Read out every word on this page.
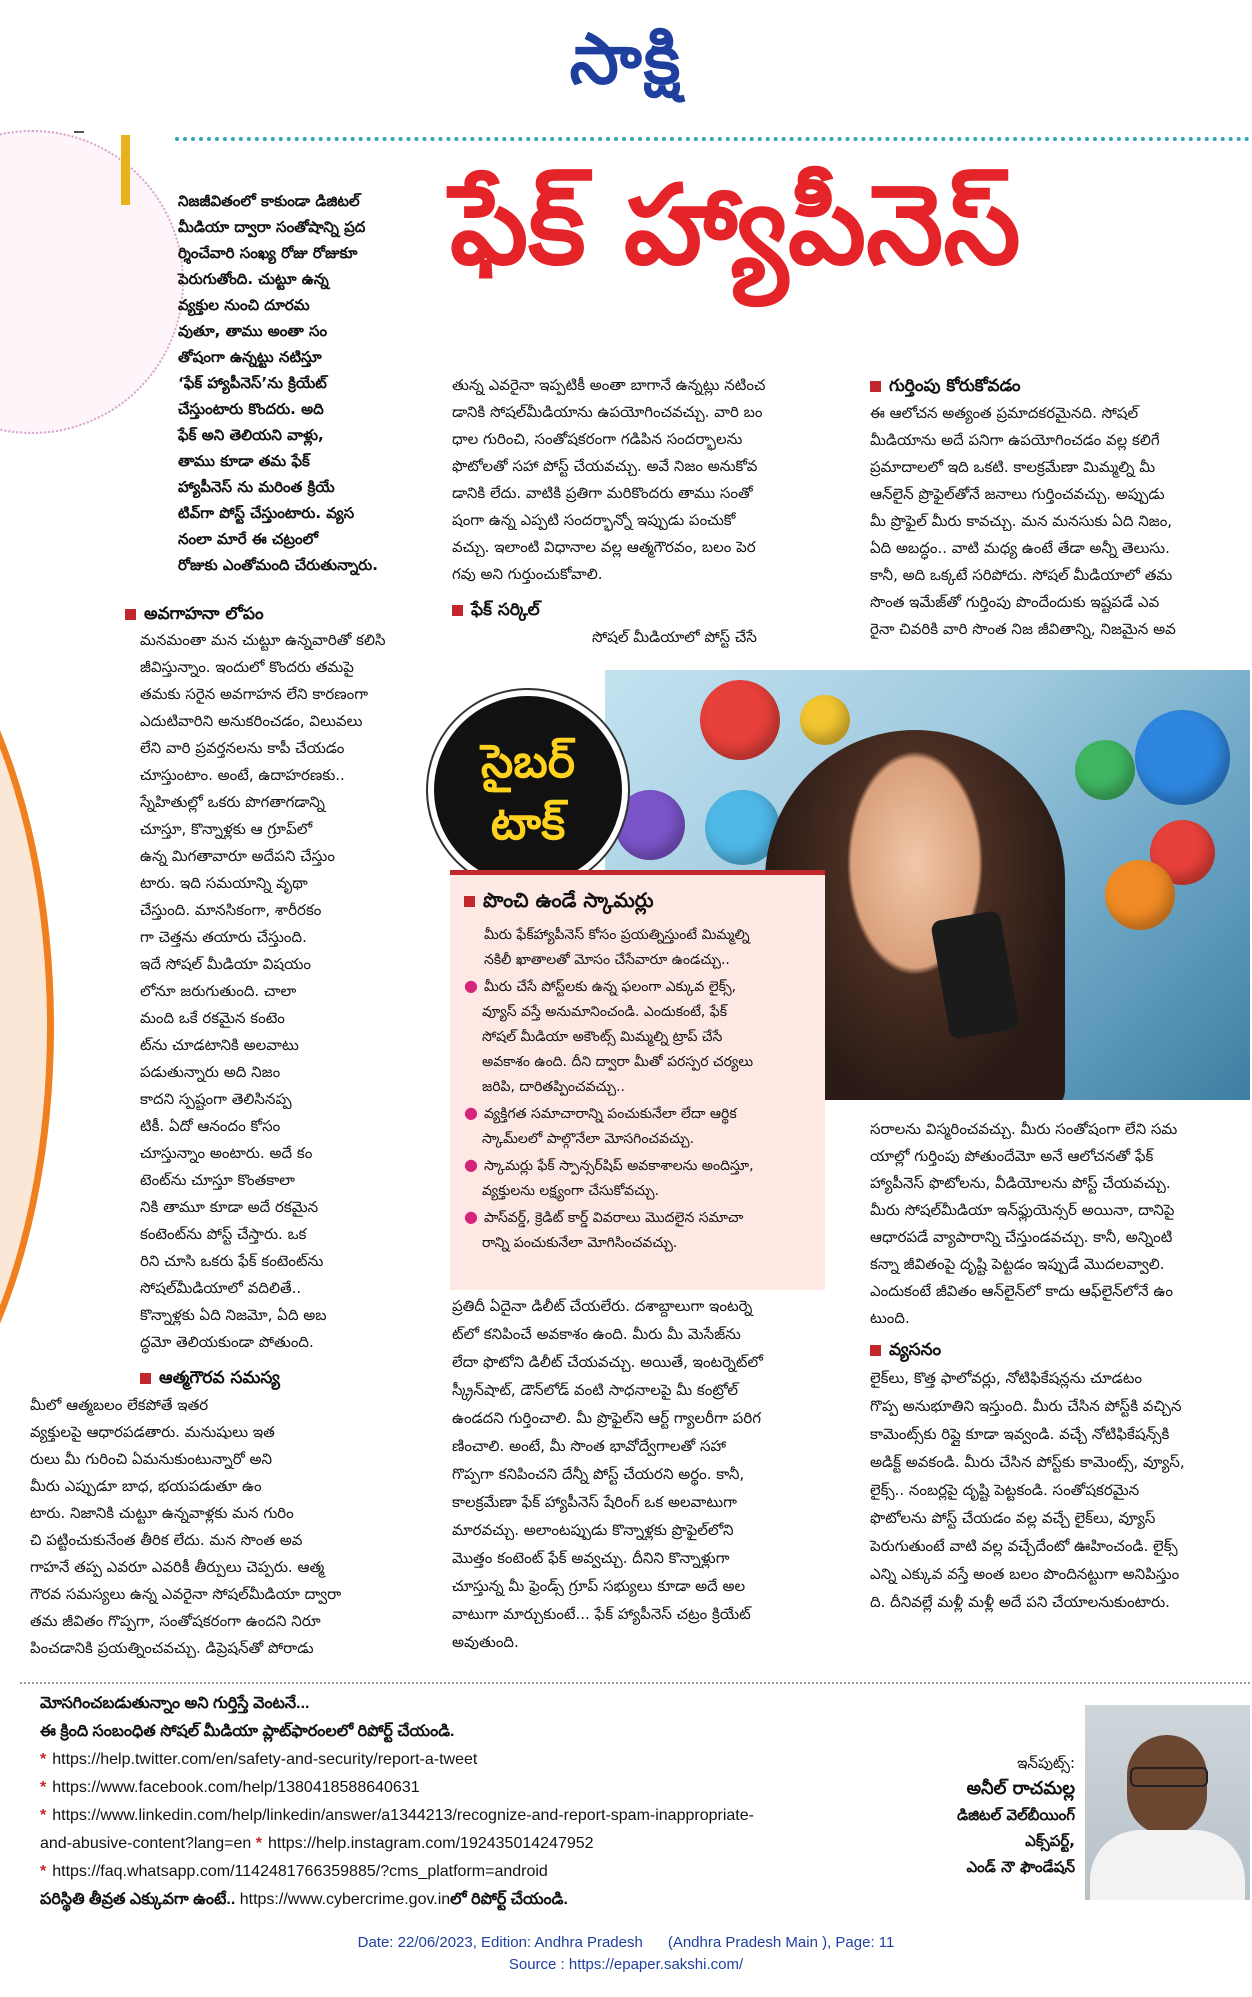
సాక్షి
ఫేక్ హ్యాపీనెస్

నిజజీవితంలో కాకుండా డిజిటల్

మీడియా ద్వారా సంతోషాన్ని ప్రద

ర్శించేవారి సంఖ్య రోజు రోజుకూ

పెరుగుతోంది. చుట్టూ ఉన్న

వ్యక్తుల నుంచి దూరమ

వుతూ, తాము అంతా సం

తోషంగా ఉన్నట్టు నటిస్తూ

‘ఫేక్ హ్యాపీనెస్’ను క్రియేట్

చేస్తుంటారు కొందరు. అది

ఫేక్ అని తెలియని వాళ్లు,

తాము కూడా తమ ఫేక్

హ్యాపీనెస్ ను మరింత క్రియే

టివ్‌గా పోస్ట్ చేస్తుంటారు. వ్యస

నంలా మారే ఈ చట్రంలో

రోజుకు ఎంతోమంది చేరుతున్నారు.

అవగాహనా లోపం

మనమంతా మన చుట్టూ ఉన్నవారితో కలిసి

జీవిస్తున్నాం. ఇందులో కొందరు తమపై

తమకు సరైన అవగాహన లేని కారణంగా

ఎదుటివారిని అనుకరించడం, విలువలు

లేని వారి ప్రవర్తనలను కాపీ చేయడం

చూస్తుంటాం. అంటే, ఉదాహరణకు..

స్నేహితుల్లో ఒకరు పొగతాగడాన్ని

చూస్తూ, కొన్నాళ్లకు ఆ గ్రూప్‌లో

ఉన్న మిగతావారూ అదేపని చేస్తుం

టారు. ఇది సమయాన్ని వృథా

చేస్తుంది. మానసికంగా, శారీరకం

గా చెత్తను తయారు చేస్తుంది.

ఇదే సోషల్ మీడియా విషయం

లోనూ జరుగుతుంది. చాలా

మంది ఒకే రకమైన కంటెం

ట్‌ను చూడటానికి అలవాటు

పడుతున్నారు అది నిజం

కాదని స్పష్టంగా తెలిసినప్ప

టికీ. ఏదో ఆనందం కోసం

చూస్తున్నాం అంటారు. అదే కం

టెంట్‌ను చూస్తూ కొంతకాలా

నికి తామూ కూడా అదే రకమైన

కంటెంట్‌ను పోస్ట్ చేస్తారు. ఒక

రిని చూసి ఒకరు ఫేక్ కంటెంట్‌ను

సోషల్‌మీడియాలో వదిలితే..

కొన్నాళ్లకు ఏది నిజమో, ఏది అబ

ద్ధమో తెలియకుండా పోతుంది.

ఆత్మగౌరవ సమస్య

మీలో ఆత్మబలం లేకపోతే ఇతర

వ్యక్తులపై ఆధారపడతారు. మనుషులు ఇత

రులు మీ గురించి ఏమనుకుంటున్నారో అని

మీరు ఎప్పుడూ బాధ, భయపడుతూ ఉం

టారు. నిజానికి చుట్టూ ఉన్నవాళ్లకు మన గురిం

చి పట్టించుకునేంత తీరిక లేదు. మన సొంత అవ

గాహనే తప్ప ఎవరూ ఎవరికీ తీర్పులు చెప్పరు. ఆత్మ

గౌరవ సమస్యలు ఉన్న ఎవరైనా సోషల్‌మీడియా ద్వారా

తమ జీవితం గొప్పగా, సంతోషకరంగా ఉందని నిరూ

పించడానికి ప్రయత్నించవచ్చు. డిప్రెషన్‌తో పోరాడు

తున్న ఎవరైనా ఇప్పటికీ అంతా బాగానే ఉన్నట్లు నటించ

డానికి సోషల్‌మీడియాను ఉపయోగించవచ్చు. వారి బం

ధాల గురించి, సంతోషకరంగా గడిపిన సందర్భాలను

ఫొటోలతో సహా పోస్ట్ చేయవచ్చు. అవే నిజం అనుకోవ

డానికి లేదు. వాటికి ప్రతిగా మరికొందరు తాము సంతో

షంగా ఉన్న ఎప్పటి సందర్భాన్నో ఇప్పుడు పంచుకో

వచ్చు. ఇలాంటి విధానాల వల్ల ఆత్మగౌరవం, బలం పెర

గవు అని గుర్తుంచుకోవాలి.

ఫేక్ సర్కిల్
సోషల్ మీడియాలో పోస్ట్ చేసే
గుర్తింపు కోరుకోవడం

ఈ ఆలోచన అత్యంత ప్రమాదకరమైనది. సోషల్

మీడియాను అదే పనిగా ఉపయోగించడం వల్ల కలిగే

ప్రమాదాలలో ఇది ఒకటి. కాలక్రమేణా మిమ్మల్ని మీ

ఆన్‌లైన్ ప్రొఫైల్‌తోనే జనాలు గుర్తించవచ్చు. అప్పుడు

మీ ప్రొఫైల్ మీరు కావచ్చు. మన మనసుకు ఏది నిజం,

ఏది అబద్ధం.. వాటి మధ్య ఉంటే తేడా అన్నీ తెలుసు.

కానీ, అది ఒక్కటే సరిపోదు. సోషల్ మీడియాలో తమ

సొంత ఇమేజ్‌తో గుర్తింపు పొందేందుకు ఇష్టపడే ఎవ

రైనా చివరికి వారి సొంత నిజ జీవితాన్ని, నిజమైన అవ

సైబర్
టాక్
పొంచి ఉండే స్కామర్లు
మీరు ఫేక్‌హ్యాపీనెస్ కోసం ప్రయత్నిస్తుంటే మిమ్మల్ని
నకిలీ ఖాతాలతో మోసం చేసేవారూ ఉండచ్చు..
● మీరు చేసే పోస్ట్‌లకు ఉన్న ఫలంగా ఎక్కువ లైక్స్,
వ్యూస్ వస్తే అనుమానించండి. ఎందుకంటే, ఫేక్
సోషల్ మీడియా అకౌంట్స్ మిమ్మల్ని ట్రాప్ చేసే
అవకాశం ఉంది. దీని ద్వారా మీతో పరస్పర చర్యలు
జరిపి, దారితప్పించవచ్చు..
● వ్యక్తిగత సమాచారాన్ని పంచుకునేలా లేదా ఆర్థిక
స్కామ్‌లలో పాల్గొనేలా మోసగించవచ్చు.
● స్కామర్లు ఫేక్ స్పాన్సర్‌షిప్ అవకాశాలను అందిస్తూ,
వ్యక్తులను లక్ష్యంగా చేసుకోవచ్చు.
● పాస్‌వర్డ్, క్రెడిట్ కార్డ్ వివరాలు మొదలైన సమాచా
రాన్ని పంచుకునేలా మోగిసించవచ్చు.

ప్రతిదీ ఏదైనా డిలీట్ చేయలేరు. దశాబ్దాలుగా ఇంటర్నె

ట్‌లో కనిపించే అవకాశం ఉంది. మీరు మీ మెసేజ్‌ను

లేదా ఫొటోని డిలీట్ చేయవచ్చు. అయితే, ఇంటర్నెట్‌లో

స్క్రీన్‌షాట్, డౌన్‌లోడ్ వంటి సాధనాలపై మీ కంట్రోల్

ఉండదని గుర్తించాలి. మీ ప్రొఫైల్‌ని ఆర్ట్ గ్యాలరీగా పరిగ

ణించాలి. అంటే, మీ సొంత భావోద్వేగాలతో సహా

గొప్పగా కనిపించని దేన్నీ పోస్ట్ చేయరని అర్థం. కానీ,

కాలక్రమేణా ఫేక్ హ్యాపీనెస్ షేరింగ్ ఒక అలవాటుగా

మారవచ్చు. అలాంటప్పుడు కొన్నాళ్లకు ప్రొఫైల్‌లోని

మొత్తం కంటెంట్ ఫేక్ అవ్వచ్చు. దీనిని కొన్నాళ్లుగా

చూస్తున్న మీ ఫ్రెండ్స్ గ్రూప్ సభ్యులు కూడా అదే అల

వాటుగా మార్చుకుంటే... ఫేక్ హ్యాపీనెస్ చట్రం క్రియేట్

అవుతుంది.

సరాలను విస్మరించవచ్చు. మీరు సంతోషంగా లేని సమ

యాల్లో గుర్తింపు పోతుందేమో అనే ఆలోచనతో ఫేక్

హ్యాపీనెస్ ఫొటోలను, వీడియోలను పోస్ట్ చేయవచ్చు.

మీరు సోషల్‌మీడియా ఇన్‌ఫ్లుయెన్సర్ అయినా, దానిపై

ఆధారపడే వ్యాపారాన్ని చేస్తుండవచ్చు. కానీ, అన్నింటి

కన్నా జీవితంపై దృష్టి పెట్టడం ఇప్పుడే మొదలవ్వాలి.

ఎందుకంటే జీవితం ఆన్‌లైన్‌లో కాదు ఆఫ్‌లైన్‌లోనే ఉం

టుంది.

వ్యసనం

లైక్‌లు, కొత్త ఫాలోవర్లు, నోటిఫికేషన్లను చూడటం

గొప్ప అనుభూతిని ఇస్తుంది. మీరు చేసిన పోస్ట్‌కి వచ్చిన

కామెంట్స్‌కు రిప్లై కూడా ఇవ్వండి. వచ్చే నోటిఫికేషన్స్‌కి

అడిక్ట్ అవకండి. మీరు చేసిన పోస్ట్‌కు కామెంట్స్, వ్యూస్,

లైక్స్.. నంబర్లపై దృష్టి పెట్టకండి. సంతోషకరమైన

ఫొటోలను పోస్ట్ చేయడం వల్ల వచ్చే లైక్‌లు, వ్యూస్

పెరుగుతుంటే వాటి వల్ల వచ్చేదేంటో ఊహించండి. లైక్స్

ఎన్ని ఎక్కువ వస్తే అంత బలం పొందినట్టుగా అనిపిస్తుం

ది. దీనివల్లే మళ్లీ మళ్లీ అదే పని చేయాలనుకుంటారు.

మోసగించబడుతున్నాం అని గుర్తిస్తే వెంటనే...
ఈ క్రింది సంబంధిత సోషల్ మీడియా ప్లాట్‌ఫారంలలో రిపోర్ట్ చేయండి.
* https://help.twitter.com/en/safety-and-security/report-a-tweet
* https://www.facebook.com/help/1380418588640631
* https://www.linkedin.com/help/linkedin/answer/a1344213/recognize-and-report-spam-inappropriate-
and-abusive-content?lang=en * https://help.instagram.com/192435014247952
* https://faq.whatsapp.com/1142481766359885/?cms_platform=android
పరిస్థితి తీవ్రత ఎక్కువగా ఉంటే.. https://www.cybercrime.gov.inలో రిపోర్ట్ చేయండి.
ఇన్‌పుట్స్:
అనీల్ రాచమల్ల
డిజిటల్ వెల్‌బీయింగ్
ఎక్స్‌పర్ట్,
ఎండ్ నౌ ఫౌండేషన్
Date: 22/06/2023, Edition: Andhra Pradesh      (Andhra Pradesh Main ), Page: 11
Source : https://epaper.sakshi.com/
